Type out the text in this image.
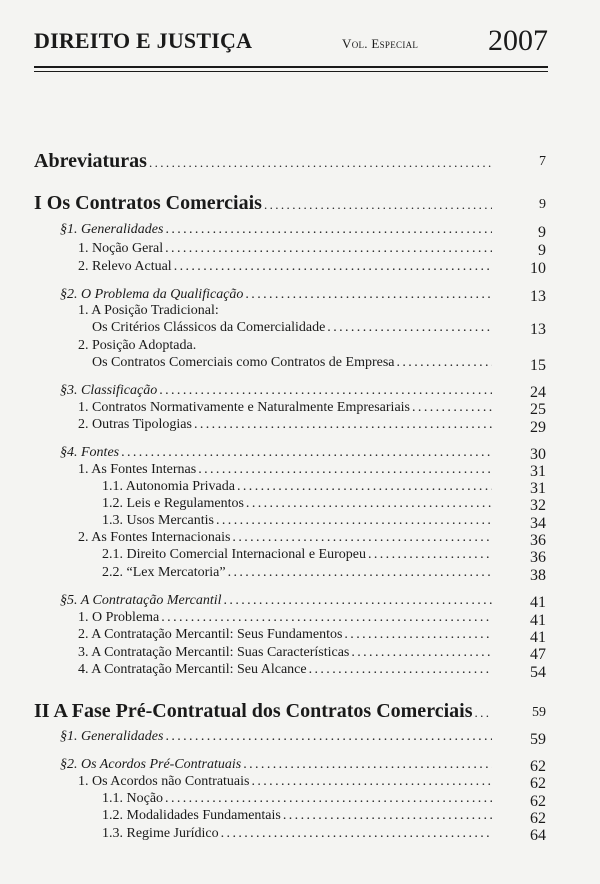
DIREITO E JUSTIÇA	Vol. Especial 2007
Abreviaturas .....	7
I Os Contratos Comerciais .....	9
§1. Generalidades .....	9
1. Noção Geral .....	9
2. Relevo Actual .....	10
§2. O Problema da Qualificação .....	13
1. A Posição Tradicional:
Os Critérios Clássicos da Comercialidade .....	13
2. Posição Adoptada.
Os Contratos Comerciais como Contratos de Empresa .....	15
§3. Classificação .....	24
1. Contratos Normativamente e Naturalmente Empresariais .....	25
2. Outras Tipologias .....	29
§4. Fontes .....	30
1. As Fontes Internas .....	31
1.1. Autonomia Privada .....	31
1.2. Leis e Regulamentos .....	32
1.3. Usos Mercantis .....	34
2. As Fontes Internacionais .....	36
2.1. Direito Comercial Internacional e Europeu .....	36
2.2. “Lex Mercatoria” .....	38
§5. A Contratação Mercantil .....	41
1. O Problema .....	41
2. A Contratação Mercantil: Seus Fundamentos .....	41
3. A Contratação Mercantil: Suas Características .....	47
4. A Contratação Mercantil: Seu Alcance .....	54
II A Fase Pré-Contratual dos Contratos Comerciais .....	59
§1. Generalidades .....	59
§2. Os Acordos Pré-Contratuais .....	62
1. Os Acordos não Contratuais .....	62
1.1. Noção .....	62
1.2. Modalidades Fundamentais .....	62
1.3. Regime Jurídico .....	64
